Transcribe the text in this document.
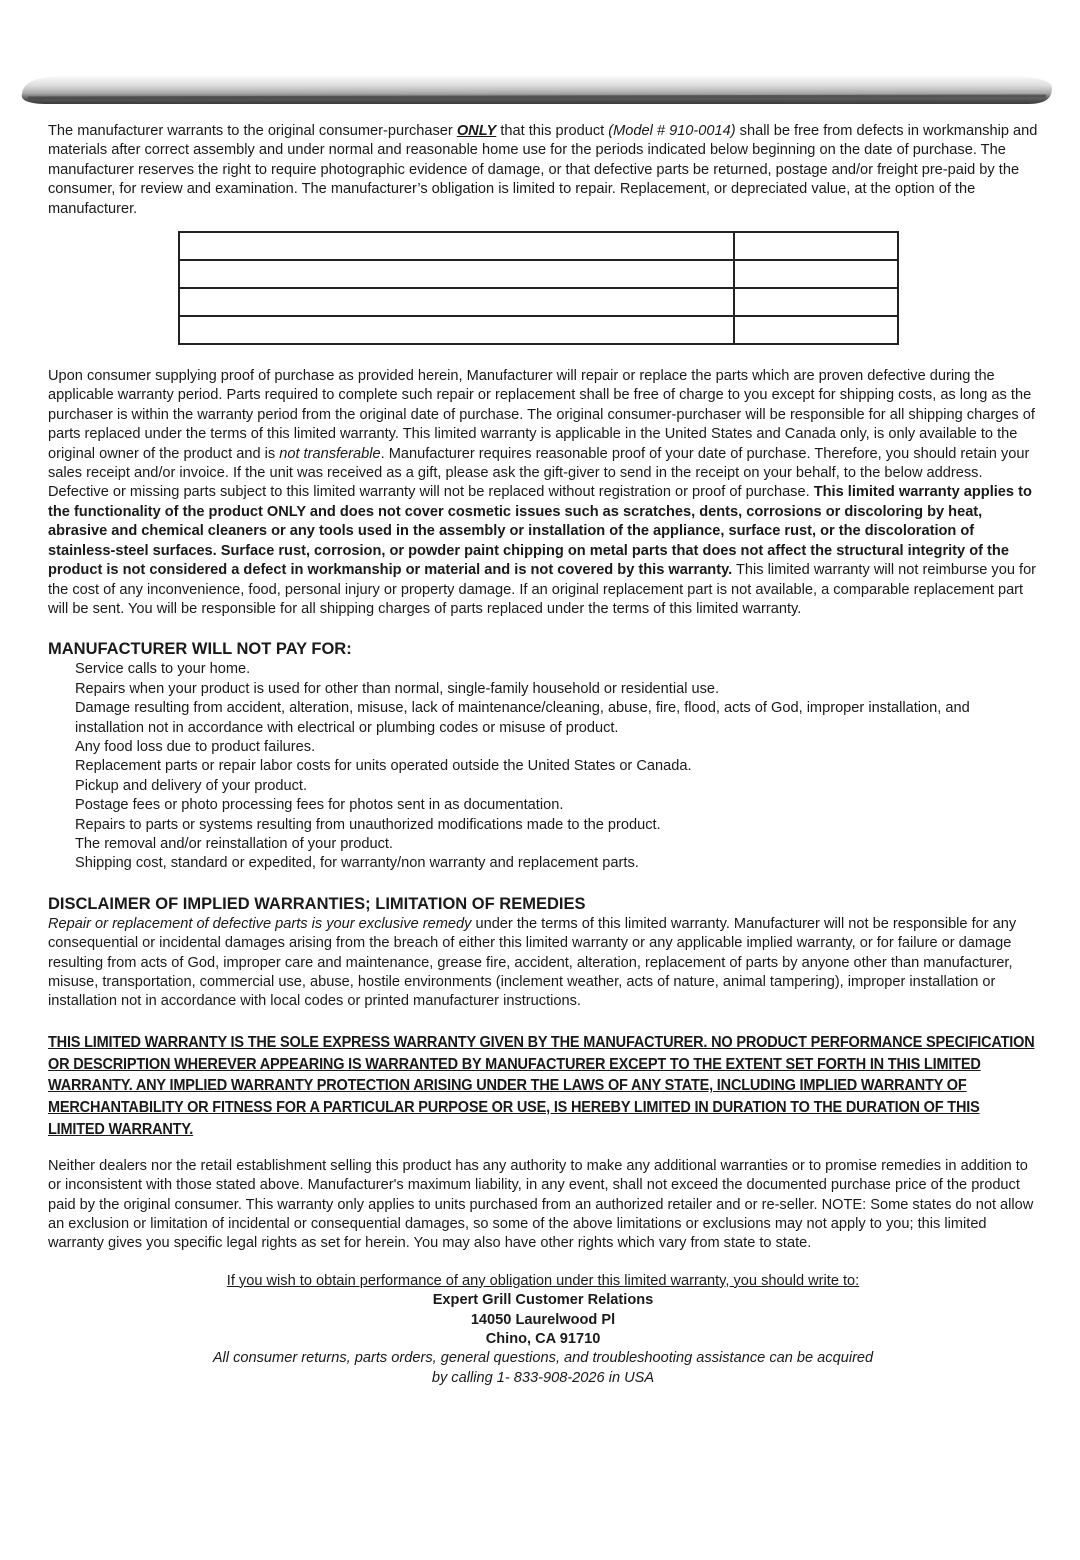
The manufacturer warrants to the original consumer-purchaser ONLY that this product (Model # 910-0014) shall be free from defects in workmanship and materials after correct assembly and under normal and reasonable home use for the periods indicated below beginning on the date of purchase. The manufacturer reserves the right to require photographic evidence of damage, or that defective parts be returned, postage and/or freight pre-paid by the consumer, for review and examination. The manufacturer’s obligation is limited to repair. Replacement, or depreciated value, at the option of the manufacturer.

Upon consumer supplying proof of purchase as provided herein, Manufacturer will repair or replace the parts which are proven defective during the applicable warranty period. Parts required to complete such repair or replacement shall be free of charge to you except for shipping costs, as long as the purchaser is within the warranty period from the original date of purchase. The original consumer-purchaser will be responsible for all shipping charges of parts replaced under the terms of this limited warranty. This limited warranty is applicable in the United States and Canada only, is only available to the original owner of the product and is not transferable. Manufacturer requires reasonable proof of your date of purchase. Therefore, you should retain your sales receipt and/or invoice. If the unit was received as a gift, please ask the gift-giver to send in the receipt on your behalf, to the below address. Defective or missing parts subject to this limited warranty will not be replaced without registration or proof of purchase. This limited warranty applies to the functionality of the product ONLY and does not cover cosmetic issues such as scratches, dents, corrosions or discoloring by heat, abrasive and chemical cleaners or any tools used in the assembly or installation of the appliance, surface rust, or the discoloration of stainless-steel surfaces. Surface rust, corrosion, or powder paint chipping on metal parts that does not affect the structural integrity of the product is not considered a defect in workmanship or material and is not covered by this warranty. This limited warranty will not reimburse you for the cost of any inconvenience, food, personal injury or property damage. If an original replacement part is not available, a comparable replacement part will be sent. You will be responsible for all shipping charges of parts replaced under the terms of this limited warranty.

MANUFACTURER WILL NOT PAY FOR:
Service calls to your home.
Repairs when your product is used for other than normal, single-family household or residential use.
Damage resulting from accident, alteration, misuse, lack of maintenance/cleaning, abuse, fire, flood, acts of God, improper installation, and installation not in accordance with electrical or plumbing codes or misuse of product.
Any food loss due to product failures.
Replacement parts or repair labor costs for units operated outside the United States or Canada.
Pickup and delivery of your product.
Postage fees or photo processing fees for photos sent in as documentation.
Repairs to parts or systems resulting from unauthorized modifications made to the product.
The removal and/or reinstallation of your product.
Shipping cost, standard or expedited, for warranty/non warranty and replacement parts.
DISCLAIMER OF IMPLIED WARRANTIES; LIMITATION OF REMEDIES

Repair or replacement of defective parts is your exclusive remedy under the terms of this limited warranty. Manufacturer will not be responsible for any consequential or incidental damages arising from the breach of either this limited warranty or any applicable implied warranty, or for failure or damage resulting from acts of God, improper care and maintenance, grease fire, accident, alteration, replacement of parts by anyone other than manufacturer, misuse, transportation, commercial use, abuse, hostile environments (inclement weather, acts of nature, animal tampering), improper installation or installation not in accordance with local codes or printed manufacturer instructions.

THIS LIMITED WARRANTY IS THE SOLE EXPRESS WARRANTY GIVEN BY THE MANUFACTURER. NO PRODUCT PERFORMANCE SPECIFICATION OR DESCRIPTION WHEREVER APPEARING IS WARRANTED BY MANUFACTURER EXCEPT TO THE EXTENT SET FORTH IN THIS LIMITED WARRANTY. ANY IMPLIED WARRANTY PROTECTION ARISING UNDER THE LAWS OF ANY STATE, INCLUDING IMPLIED WARRANTY OF MERCHANTABILITY OR FITNESS FOR A PARTICULAR PURPOSE OR USE, IS HEREBY LIMITED IN DURATION TO THE DURATION OF THIS LIMITED WARRANTY.

Neither dealers nor the retail establishment selling this product has any authority to make any additional warranties or to promise remedies in addition to or inconsistent with those stated above. Manufacturer's maximum liability, in any event, shall not exceed the documented purchase price of the product paid by the original consumer. This warranty only applies to units purchased from an authorized retailer and or re-seller. NOTE: Some states do not allow an exclusion or limitation of incidental or consequential damages, so some of the above limitations or exclusions may not apply to you; this limited warranty gives you specific legal rights as set for herein. You may also have other rights which vary from state to state.

If you wish to obtain performance of any obligation under this limited warranty, you should write to:
Expert Grill Customer Relations
14050 Laurelwood Pl
Chino, CA 91710
All consumer returns, parts orders, general questions, and troubleshooting assistance can be acquired
by calling 1- 833-908-2026 in USA
